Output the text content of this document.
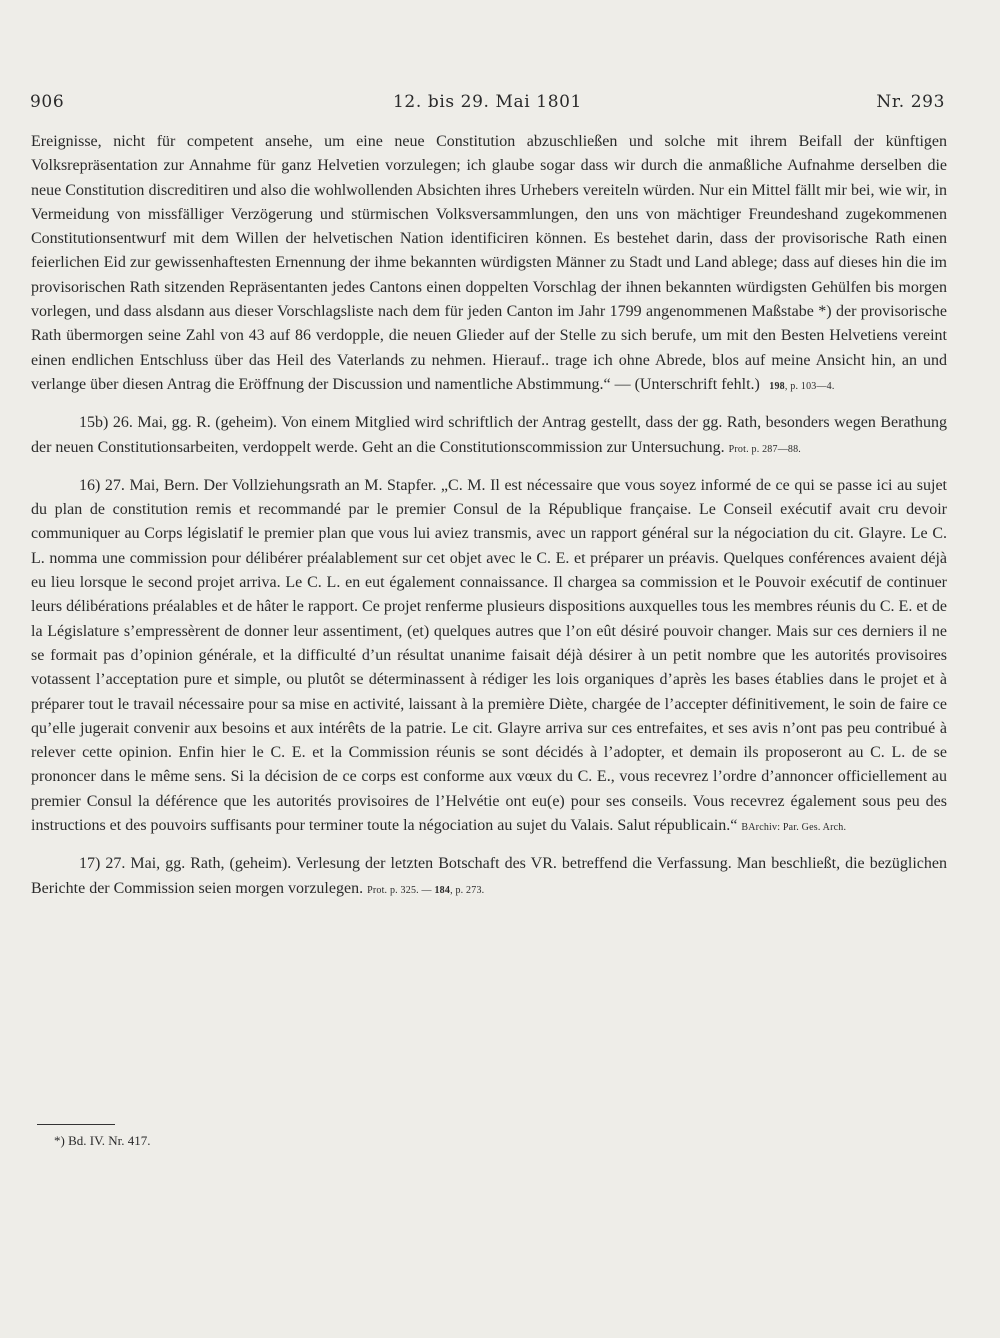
906	12. bis 29. Mai 1801	Nr. 293

Ereignisse, nicht für competent ansehe, um eine neue Constitution abzuschließen und solche mit ihrem Beifall der künftigen Volksrepräsentation zur Annahme für ganz Helvetien vorzulegen; ich glaube sogar dass wir durch die anmaßliche Aufnahme derselben die neue Constitution discreditiren und also die wohlwollenden Absichten ihres Urhebers vereiteln würden. Nur ein Mittel fällt mir bei, wie wir, in Vermeidung von missfälliger Verzögerung und stürmischen Volksversammlungen, den uns von mächtiger Freundeshand zugekommenen Constitutionsentwurf mit dem Willen der helvetischen Nation identificiren können. Es bestehet darin, dass der provisorische Rath einen feierlichen Eid zur gewissenhaftesten Ernennung der ihme bekannten würdigsten Männer zu Stadt und Land ablege; dass auf dieses hin die im provisorischen Rath sitzenden Repräsentanten jedes Cantons einen doppelten Vorschlag der ihnen bekannten würdigsten Gehülfen bis morgen vorlegen, und dass alsdann aus dieser Vorschlagsliste nach dem für jeden Canton im Jahr 1799 angenommenen Maßstabe *) der provisorische Rath übermorgen seine Zahl von 43 auf 86 verdopple, die neuen Glieder auf der Stelle zu sich berufe, um mit den Besten Helvetiens vereint einen endlichen Entschluss über das Heil des Vaterlands zu nehmen. Hierauf.. trage ich ohne Abrede, blos auf meine Ansicht hin, an und verlange über diesen Antrag die Eröffnung der Discussion und namentliche Abstimmung.“ — (Unterschrift fehlt.) 198, p. 103—4.

15b) 26. Mai, gg. R. (geheim). Von einem Mitglied wird schriftlich der Antrag gestellt, dass der gg. Rath, besonders wegen Berathung der neuen Constitutionsarbeiten, verdoppelt werde. Geht an die Constitutionscommission zur Untersuchung. Prot. p. 287—88.

16) 27. Mai, Bern. Der Vollziehungsrath an M. Stapfer. „C. M. Il est nécessaire que vous soyez informé de ce qui se passe ici au sujet du plan de constitution remis et recommandé par le premier Consul de la République française. Le Conseil exécutif avait cru devoir communiquer au Corps législatif le premier plan que vous lui aviez transmis, avec un rapport général sur la négociation du cit. Glayre. Le C. L. nomma une commission pour délibérer préalablement sur cet objet avec le C. E. et préparer un préavis. Quelques conférences avaient déjà eu lieu lorsque le second projet arriva. Le C. L. en eut également connaissance. Il chargea sa commission et le Pouvoir exécutif de continuer leurs délibérations préalables et de hâter le rapport. Ce projet renferme plusieurs dispositions auxquelles tous les membres réunis du C. E. et de la Législature s’empressèrent de donner leur assentiment, (et) quelques autres que l’on eût désiré pouvoir changer. Mais sur ces derniers il ne se formait pas d’opinion générale, et la difficulté d’un résultat unanime faisait déjà désirer à un petit nombre que les autorités provisoires votassent l’acceptation pure et simple, ou plutôt se déterminassent à rédiger les lois organiques d’après les bases établies dans le projet et à préparer tout le travail nécessaire pour sa mise en activité, laissant à la première Diète, chargée de l’accepter définitivement, le soin de faire ce qu’elle jugerait convenir aux besoins et aux intérêts de la patrie. Le cit. Glayre arriva sur ces entrefaites, et ses avis n’ont pas peu contribué à relever cette opinion. Enfin hier le C. E. et la Commission réunis se sont décidés à l’adopter, et demain ils proposeront au C. L. de se prononcer dans le même sens. Si la décision de ce corps est conforme aux vœux du C. E., vous recevrez l’ordre d’annoncer officiellement au premier Consul la déférence que les autorités provisoires de l’Helvétie ont eu(e) pour ses conseils. Vous recevrez également sous peu des instructions et des pouvoirs suffisants pour terminer toute la négociation au sujet du Valais. Salut républicain.“ BArchiv: Par. Ges. Arch.

17) 27. Mai, gg. Rath, (geheim). Verlesung der letzten Botschaft des VR. betreffend die Verfassung. Man beschließt, die bezüglichen Berichte der Commission seien morgen vorzulegen. Prot. p. 325. — 184, p. 273.

*) Bd. IV. Nr. 417.
